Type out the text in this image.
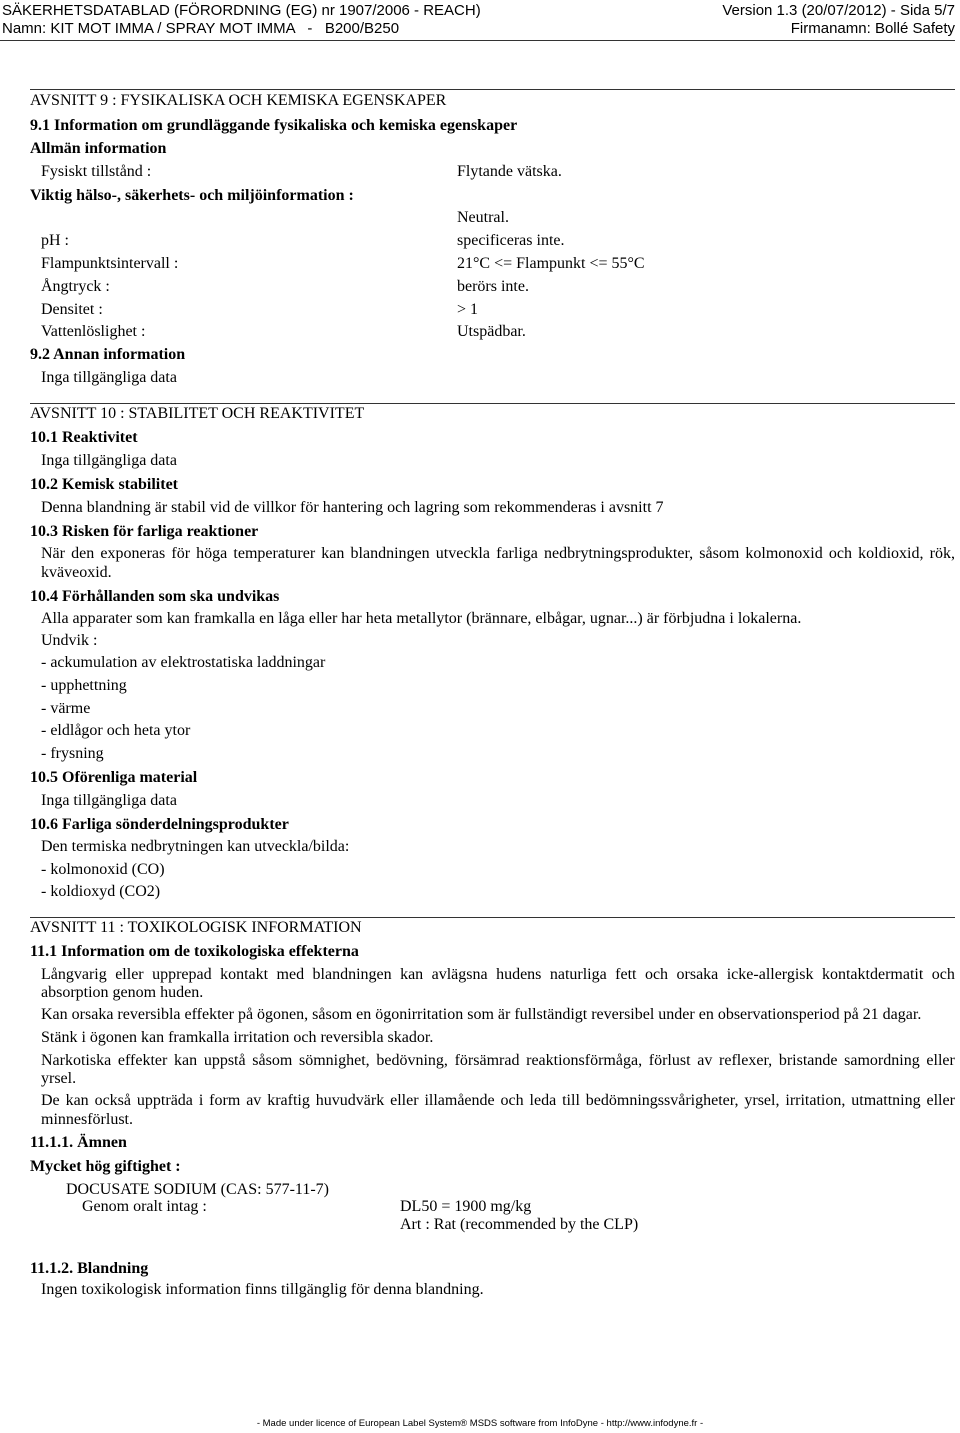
SÄKERHETSDATABLAD (FÖRORDNING (EG) nr 1907/2006 - REACH)	Version 1.3 (20/07/2012) - Sida 5/7
Namn: KIT MOT IMMA / SPRAY MOT IMMA   -   B200/B250	Firmanamn: Bollé Safety
AVSNITT 9 : FYSIKALISKA OCH KEMISKA EGENSKAPER
9.1 Information om grundläggande fysikaliska och kemiska egenskaper
Allmän information
Fysiskt tillstånd :	Flytande vätska.
Viktig hälso-, säkerhets- och miljöinformation :
Neutral.
pH :	specificeras inte.
Flampunktsintervall :	21°C <= Flampunkt <= 55°C
Ångtryck :	berörs inte.
Densitet :	> 1
Vattenlöslighet :	Utspädbar.
9.2 Annan information
Inga tillgängliga data
AVSNITT 10 : STABILITET OCH REAKTIVITET
10.1 Reaktivitet
Inga tillgängliga data
10.2 Kemisk stabilitet
Denna blandning är stabil vid de villkor för hantering och lagring som rekommenderas i avsnitt 7
10.3 Risken för farliga reaktioner
När den exponeras för höga temperaturer kan blandningen utveckla farliga nedbrytningsprodukter, såsom kolmonoxid och koldioxid, rök,
kväveoxid.
10.4 Förhållanden som ska undvikas
Alla apparater som kan framkalla en låga eller har heta metallytor (brännare, elbågar, ugnar...) är förbjudna i lokalerna.
Undvik :
- ackumulation av elektrostatiska laddningar
- upphettning
- värme
- eldlågor och heta ytor
- frysning
10.5 Oförenliga material
Inga tillgängliga data
10.6 Farliga sönderdelningsprodukter
Den termiska nedbrytningen kan utveckla/bilda:
- kolmonoxid (CO)
- koldioxyd (CO2)
AVSNITT 11 : TOXIKOLOGISK INFORMATION
11.1 Information om de toxikologiska effekterna
Långvarig eller upprepad kontakt med blandningen kan avlägsna hudens naturliga fett och orsaka icke-allergisk kontaktdermatit och
absorption genom huden.
Kan orsaka reversibla effekter på ögonen, såsom en ögonirritation som är fullständigt reversibel under en observationsperiod på 21 dagar.
Stänk i ögonen kan framkalla irritation och reversibla skador.
Narkotiska effekter kan uppstå såsom sömnighet, bedövning, försämrad reaktionsförmåga, förlust av reflexer, bristande samordning eller
yrsel.
De kan också uppträda i form av kraftig huvudvärk eller illamående och leda till bedömningssvårigheter, yrsel, irritation, utmattning eller
minnesförlust.
11.1.1. Ämnen
Mycket hög giftighet :
DOCUSATE SODIUM (CAS: 577-11-7)
Genom oralt intag :	DL50 = 1900 mg/kg
Art : Rat (recommended by the CLP)
11.1.2. Blandning
Ingen toxikologisk information finns tillgänglig för denna blandning.
- Made under licence of European Label System® MSDS software from InfoDyne - http://www.infodyne.fr -
